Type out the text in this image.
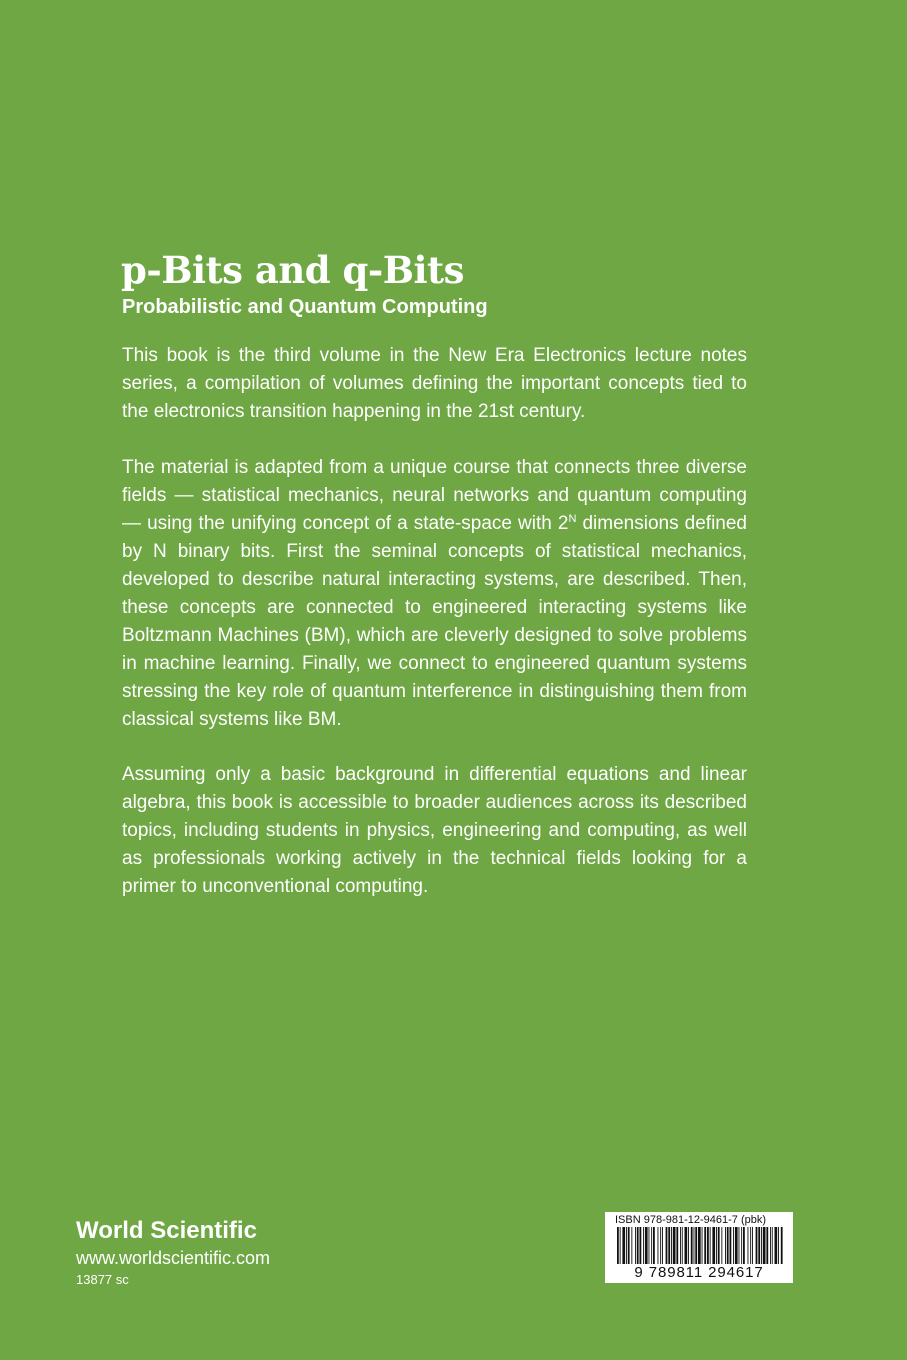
p-Bits and q-Bits
Probabilistic and Quantum Computing

This book is the third volume in the New Era Electronics lecture notes series, a compilation of volumes defining the important concepts tied to the electronics transition happening in the 21st century.

The material is adapted from a unique course that connects three diverse fields — statistical mechanics, neural networks and quantum computing — using the unifying concept of a state-space with $2^N$ dimensions defined by N binary bits. First the seminal concepts of statistical mechanics, developed to describe natural interacting systems, are described. Then, these concepts are connected to engineered interacting systems like Boltzmann Machines (BM), which are cleverly designed to solve problems in machine learning. Finally, we connect to engineered quantum systems stressing the key role of quantum interference in distinguishing them from classical systems like BM.

Assuming only a basic background in differential equations and linear algebra, this book is accessible to broader audiences across its described topics, including students in physics, engineering and computing, as well as professionals working actively in the technical fields looking for a primer to unconventional computing.

World Scientific
www.worldscientific.com
13877 sc
ISBN 978-981-12-9461-7 (pbk)
9 789811 294617
